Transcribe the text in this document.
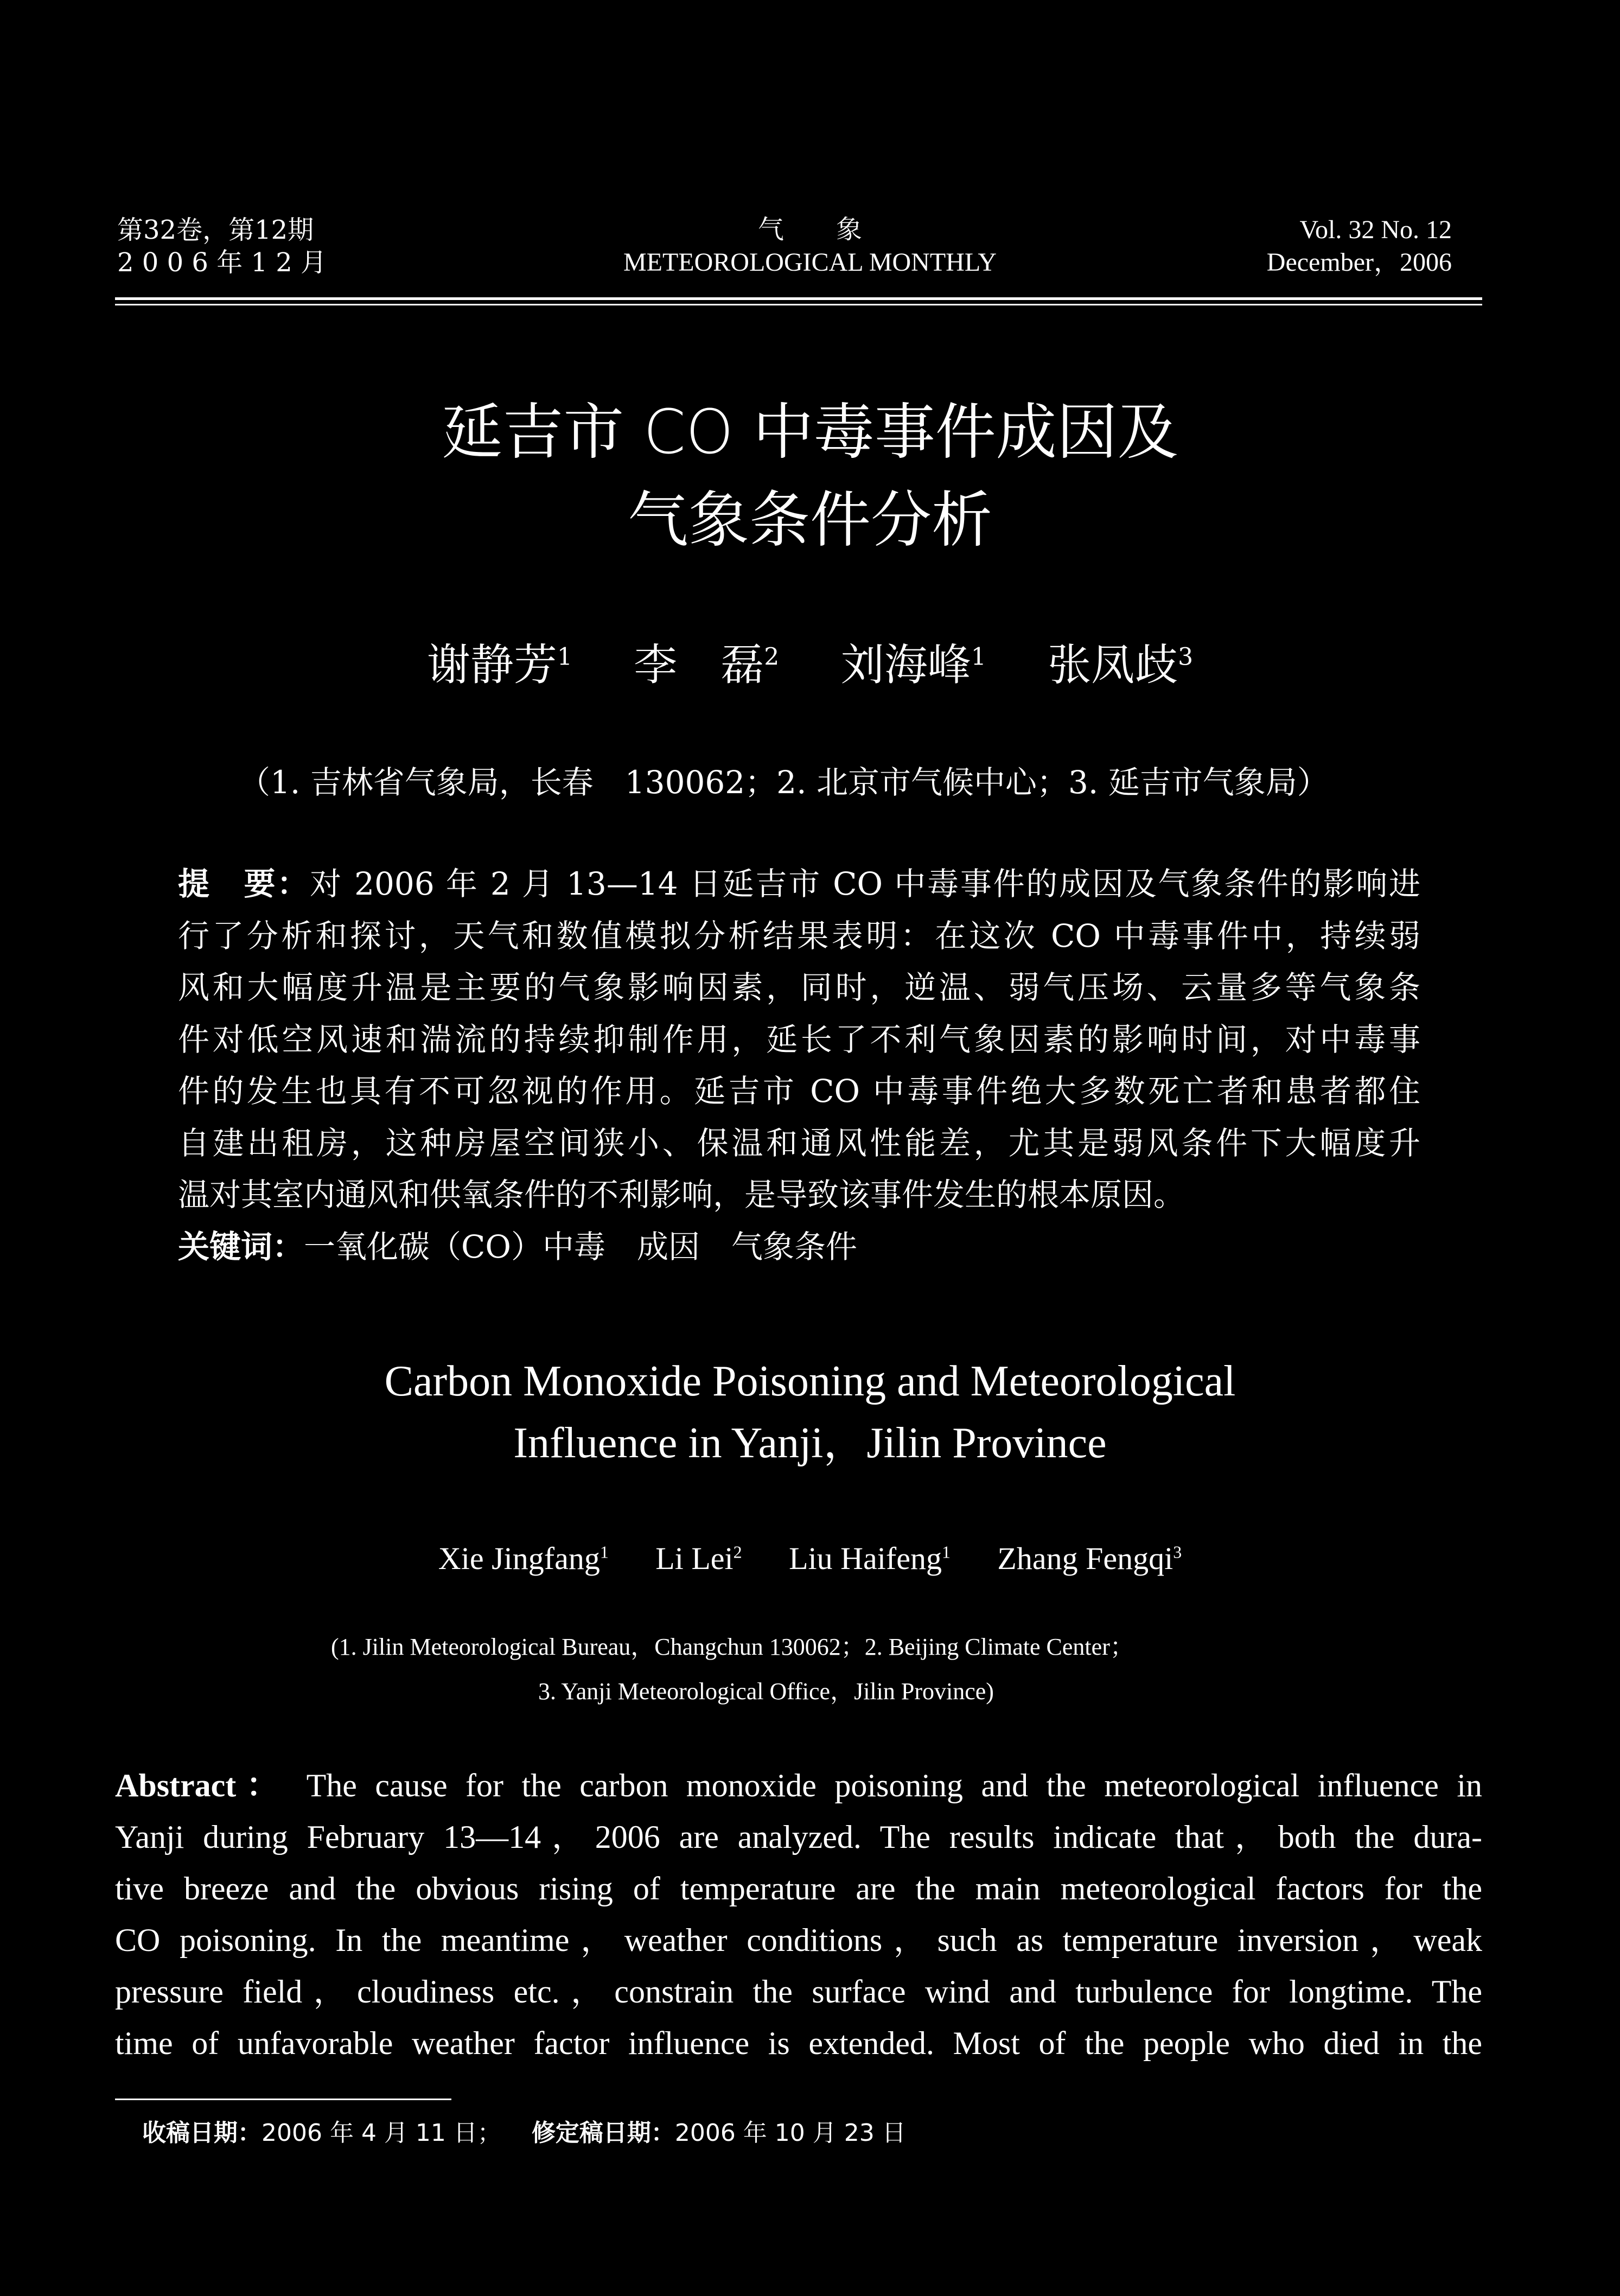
第32卷，第12期
2 0 0 6 年 1 2 月
气　　象
METEOROLOGICAL MONTHLY
Vol. 32 No. 12
December，2006
延吉市 CO 中毒事件成因及
气象条件分析
谢静芳$^1$ 李　磊$^2$ 刘海峰$^1$ 张凤歧$^3$
（1. 吉林省气象局，长春　130062；2. 北京市气候中心；3. 延吉市气象局）

提　要：对 2006 年 2 月 13—14 日延吉市 CO 中毒事件的成因及气象条件的影响进

行了分析和探讨，天气和数值模拟分析结果表明：在这次 CO 中毒事件中，持续弱

风和大幅度升温是主要的气象影响因素，同时，逆温、弱气压场、云量多等气象条

件对低空风速和湍流的持续抑制作用，延长了不利气象因素的影响时间，对中毒事

件的发生也具有不可忽视的作用。延吉市 CO 中毒事件绝大多数死亡者和患者都住

自建出租房，这种房屋空间狭小、保温和通风性能差，尤其是弱风条件下大幅度升

温对其室内通风和供氧条件的不利影响，是导致该事件发生的根本原因。

关键词：一氧化碳（CO）中毒　成因　气象条件

Carbon Monoxide Poisoning and Meteorological
Influence in Yanji，Jilin Province
Xie Jingfang$^1$ Li Lei$^2$ Liu Haifeng$^1$ Zhang Fengqi$^3$
(1. Jilin Meteorological Bureau，Changchun 130062；2. Beijing Climate Center；
3. Yanji Meteorological Office，Jilin Province)

Abstract： The cause for the carbon monoxide poisoning and the meteorological influence in

Yanji during February 13—14，2006 are analyzed. The results indicate that，both the dura-

tive breeze and the obvious rising of temperature are the main meteorological factors for the

CO poisoning. In the meantime，weather conditions，such as temperature inversion，weak

pressure field，cloudiness etc.，constrain the surface wind and turbulence for longtime. The

time of unfavorable weather factor influence is extended. Most of the people who died in the

收稿日期：2006 年 4 月 11 日； 修定稿日期：2006 年 10 月 23 日
